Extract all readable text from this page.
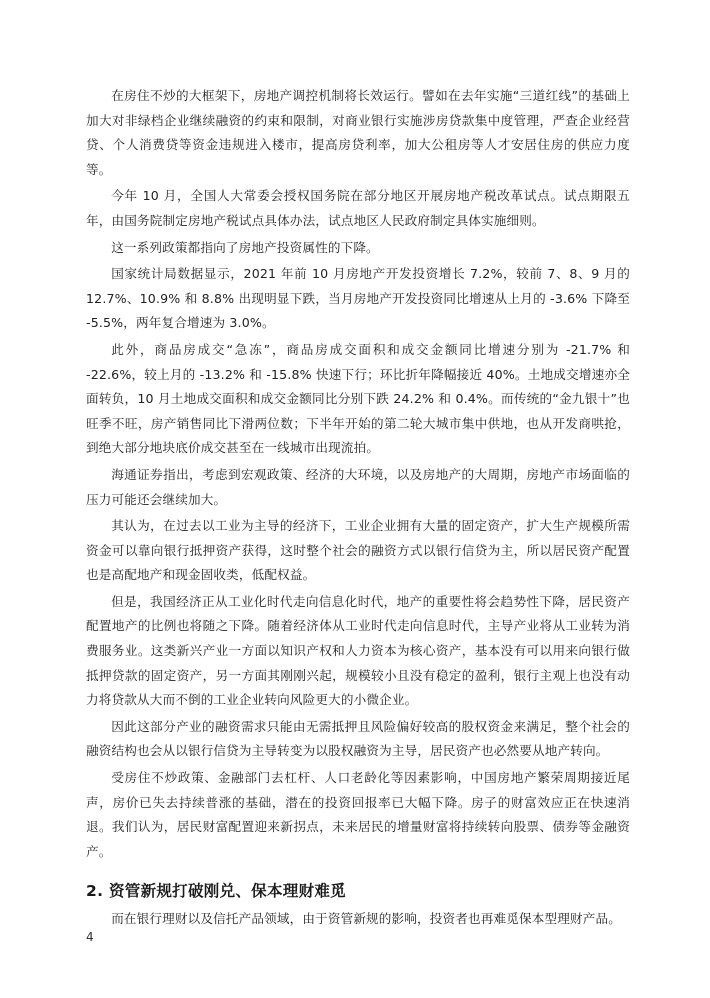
在房住不炒的大框架下，房地产调控机制将长效运行。譬如在去年实施“三道红线”的基础上加大对非绿档企业继续融资的约束和限制，对商业银行实施涉房贷款集中度管理，严查企业经营贷、个人消费贷等资金违规进入楼市，提高房贷利率，加大公租房等人才安居住房的供应力度等。

今年 10 月，全国人大常委会授权国务院在部分地区开展房地产税改革试点。试点期限五年，由国务院制定房地产税试点具体办法，试点地区人民政府制定具体实施细则。

这一系列政策都指向了房地产投资属性的下降。

国家统计局数据显示，2021 年前 10 月房地产开发投资增长 7.2%，较前 7、8、9 月的 12.7%、10.9% 和 8.8% 出现明显下跌，当月房地产开发投资同比增速从上月的 -3.6% 下降至 -5.5%，两年复合增速为 3.0%。

此外，商品房成交“急冻”，商品房成交面积和成交金额同比增速分别为 -21.7% 和 -22.6%，较上月的 -13.2% 和 -15.8% 快速下行；环比折年降幅接近 40%。土地成交增速亦全面转负，10 月土地成交面积和成交金额同比分别下跌 24.2% 和 0.4%。而传统的“金九银十”也旺季不旺，房产销售同比下滑两位数；下半年开始的第二轮大城市集中供地，也从开发商哄抢，到绝大部分地块底价成交甚至在一线城市出现流拍。

海通证券指出，考虑到宏观政策、经济的大环境，以及房地产的大周期，房地产市场面临的压力可能还会继续加大。

其认为，在过去以工业为主导的经济下，工业企业拥有大量的固定资产，扩大生产规模所需资金可以靠向银行抵押资产获得，这时整个社会的融资方式以银行信贷为主，所以居民资产配置也是高配地产和现金固收类，低配权益。

但是，我国经济正从工业化时代走向信息化时代，地产的重要性将会趋势性下降，居民资产配置地产的比例也将随之下降。随着经济体从工业时代走向信息时代，主导产业将从工业转为消费服务业。这类新兴产业一方面以知识产权和人力资本为核心资产，基本没有可以用来向银行做抵押贷款的固定资产，另一方面其刚刚兴起，规模较小且没有稳定的盈利，银行主观上也没有动力将贷款从大而不倒的工业企业转向风险更大的小微企业。

因此这部分产业的融资需求只能由无需抵押且风险偏好较高的股权资金来满足，整个社会的融资结构也会从以银行信贷为主导转变为以股权融资为主导，居民资产也必然要从地产转向。

受房住不炒政策、金融部门去杠杆、人口老龄化等因素影响，中国房地产繁荣周期接近尾声，房价已失去持续普涨的基础，潜在的投资回报率已大幅下降。房子的财富效应正在快速消退。我们认为，居民财富配置迎来新拐点，未来居民的增量财富将持续转向股票、债券等金融资产。

2. 资管新规打破刚兑、保本理财难觅

而在银行理财以及信托产品领域，由于资管新规的影响，投资者也再难觅保本型理财产品。

4
